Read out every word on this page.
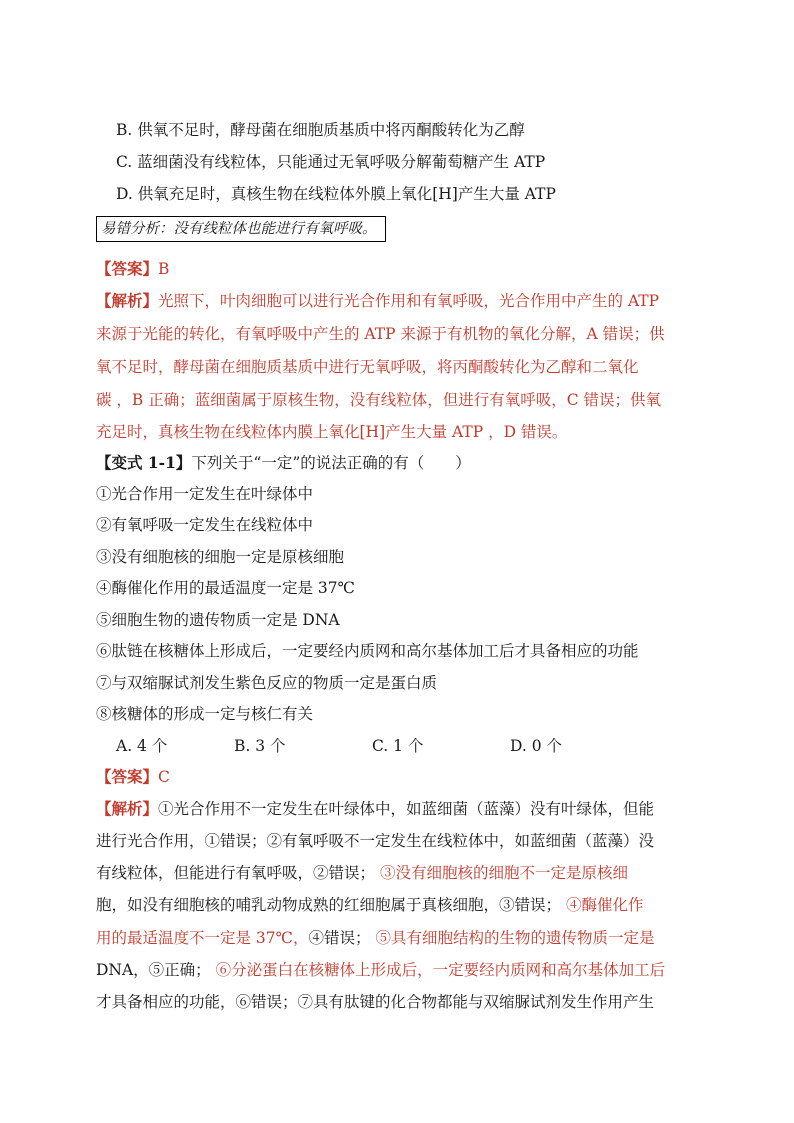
B. 供氧不足时，酵母菌在细胞质基质中将丙酮酸转化为乙醇
C. 蓝细菌没有线粒体，只能通过无氧呼吸分解葡萄糖产生 ATP
D. 供氧充足时，真核生物在线粒体外膜上氧化[H]产生大量 ATP
易错分析：没有线粒体也能进行有氧呼吸。
【答案】B
【解析】光照下，叶肉细胞可以进行光合作用和有氧呼吸，光合作用中产生的 ATP
来源于光能的转化，有氧呼吸中产生的 ATP 来源于有机物的氧化分解，A 错误；供
氧不足时，酵母菌在细胞质基质中进行无氧呼吸，将丙酮酸转化为乙醇和二氧化
碳 ，B 正确；蓝细菌属于原核生物，没有线粒体，但进行有氧呼吸，C 错误；供氧
充足时，真核生物在线粒体内膜上氧化[H]产生大量 ATP ，D 错误。
【变式 1-1】下列关于“一定”的说法正确的有（　　）
①光合作用一定发生在叶绿体中
②有氧呼吸一定发生在线粒体中
③没有细胞核的细胞一定是原核细胞
④酶催化作用的最适温度一定是 37℃
⑤细胞生物的遗传物质一定是 DNA
⑥肽链在核糖体上形成后，一定要经内质网和高尔基体加工后才具备相应的功能
⑦与双缩脲试剂发生紫色反应的物质一定是蛋白质
⑧核糖体的形成一定与核仁有关
A. 4 个	B. 3 个	C. 1 个	D. 0 个
【答案】C
【解析】①光合作用不一定发生在叶绿体中，如蓝细菌（蓝藻）没有叶绿体，但能
进行光合作用，①错误；②有氧呼吸不一定发生在线粒体中，如蓝细菌（蓝藻）没
有线粒体，但能进行有氧呼吸，②错误； ③没有细胞核的细胞不一定是原核细
胞，如没有细胞核的哺乳动物成熟的红细胞属于真核细胞，③错误； ④酶催化作
用的最适温度不一定是 37℃，④错误； ⑤具有细胞结构的生物的遗传物质一定是
DNA，⑤正确； ⑥分泌蛋白在核糖体上形成后，一定要经内质网和高尔基体加工后
才具备相应的功能，⑥错误；⑦具有肽键的化合物都能与双缩脲试剂发生作用产生
